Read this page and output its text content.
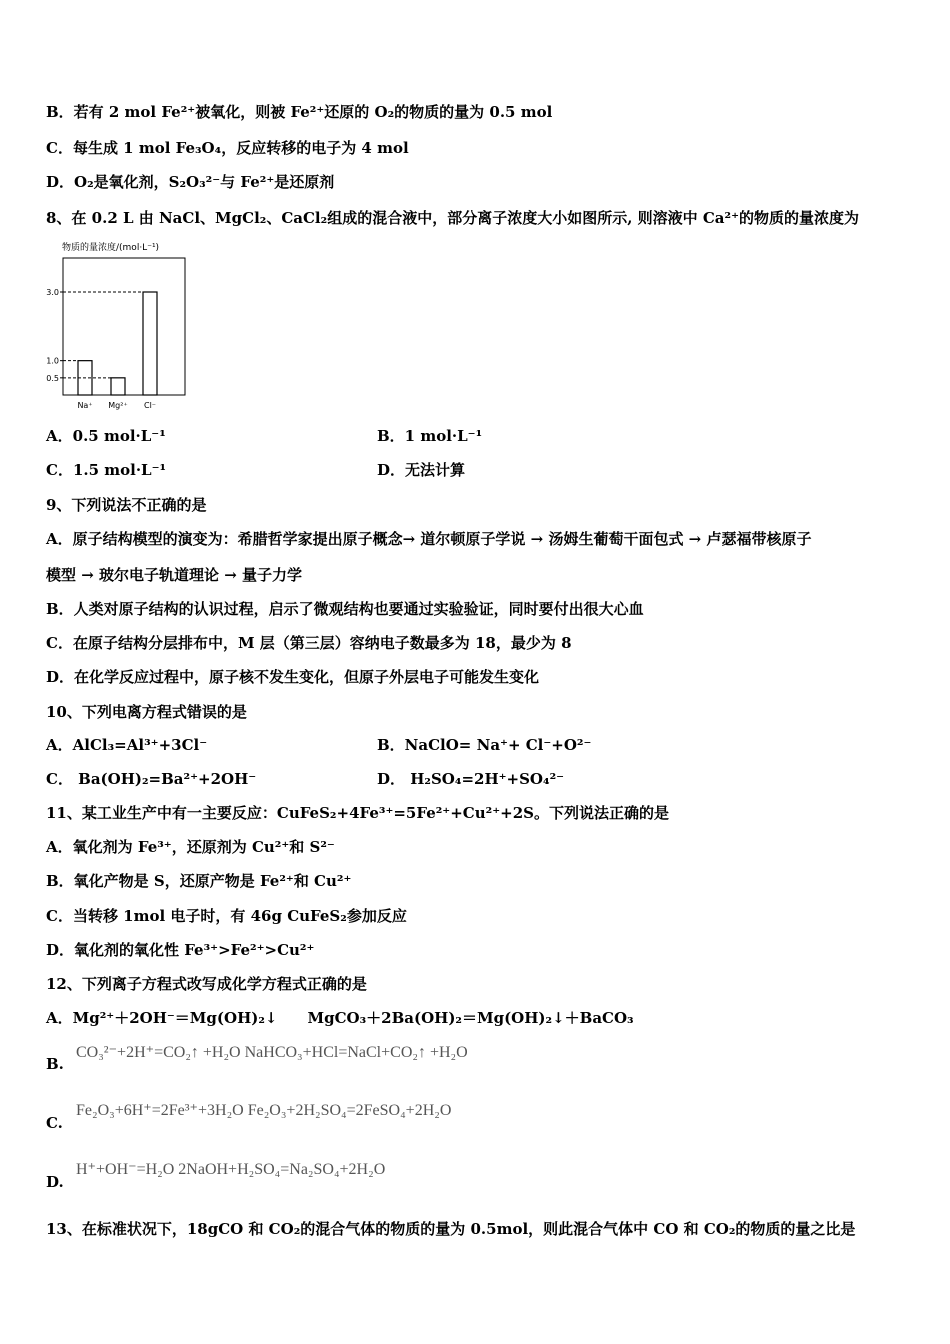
B．若有 2 mol Fe²⁺被氧化，则被 Fe²⁺还原的 O₂的物质的量为 0.5 mol
C．每生成 1 mol Fe₃O₄，反应转移的电子为 4 mol
D．O₂是氧化剂，S₂O₃²⁻与 Fe²⁺是还原剂
8、在 0.2 L 由 NaCl、MgCl₂、CaCl₂组成的混合液中，部分离子浓度大小如图所示, 则溶液中 Ca²⁺的物质的量浓度为
物质的量浓度/(mol·L⁻¹)
Na⁺ Mg²⁺ Cl⁻
3.0
1.0
0.5
A．0.5 mol·L⁻¹	B．1 mol·L⁻¹
C．1.5 mol·L⁻¹	D．无法计算
9、下列说法不正确的是
A．原子结构模型的演变为：希腊哲学家提出原子概念→ 道尔顿原子学说 → 汤姆生葡萄干面包式 → 卢瑟福带核原子
模型 → 玻尔电子轨道理论 → 量子力学
B．人类对原子结构的认识过程，启示了微观结构也要通过实验验证，同时要付出很大心血
C．在原子结构分层排布中，M 层（第三层）容纳电子数最多为 18，最少为 8
D．在化学反应过程中，原子核不发生变化，但原子外层电子可能发生变化
10、下列电离方程式错误的是
A．AlCl₃=Al³⁺+3Cl⁻	B．NaClO= Na⁺+ Cl⁻+O²⁻
C． Ba(OH)₂=Ba²⁺+2OH⁻	D． H₂SO₄=2H⁺+SO₄²⁻
11、某工业生产中有一主要反应：CuFeS₂+4Fe³⁺=5Fe²⁺+Cu²⁺+2S。下列说法正确的是
A．氧化剂为 Fe³⁺，还原剂为 Cu²⁺和 S²⁻
B．氧化产物是 S，还原产物是 Fe²⁺和 Cu²⁺
C．当转移 1mol 电子时，有 46g CuFeS₂参加反应
D．氧化剂的氧化性 Fe³⁺>Fe²⁺>Cu²⁺
12、下列离子方程式改写成化学方程式正确的是
A．Mg²⁺＋2OH⁻＝Mg(OH)₂↓　　MgCO₃＋2Ba(OH)₂＝Mg(OH)₂↓＋BaCO₃
B.
CO₃²⁻+2H⁺=CO₂↑ +H₂O NaHCO₃+HCl=NaCl+CO₂↑ +H₂O
C.
Fe₂O₃+6H⁺=2Fe³⁺+3H₂O Fe₂O₃+2H₂SO₄=2FeSO₄+2H₂O
D.
H⁺+OH⁻=H₂O 2NaOH+H₂SO₄=Na₂SO₄+2H₂O
13、在标准状况下，18gCO 和 CO₂的混合气体的物质的量为 0.5mol，则此混合气体中 CO 和 CO₂的物质的量之比是
